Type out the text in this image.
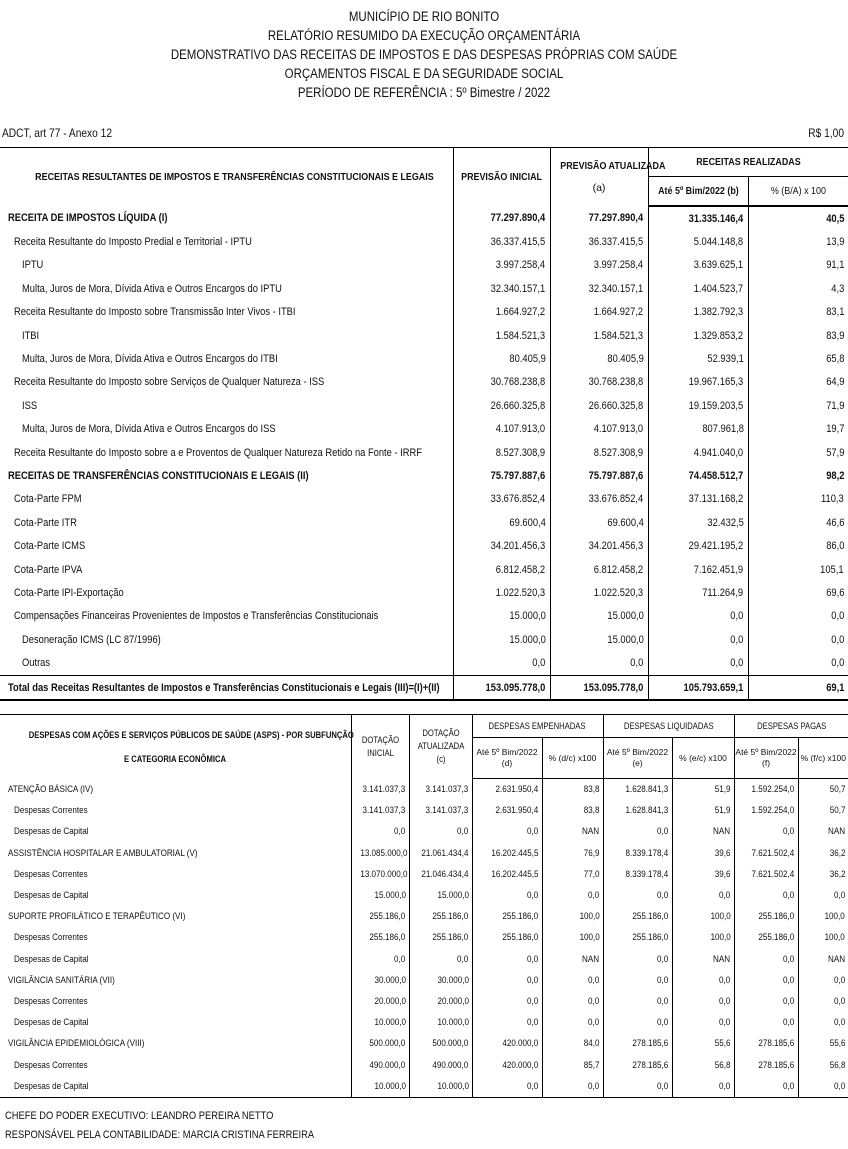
MUNICÍPIO DE RIO BONITO
RELATÓRIO RESUMIDO DA EXECUÇÃO ORÇAMENTÁRIA
DEMONSTRATIVO DAS RECEITAS DE IMPOSTOS E DAS DESPESAS PRÓPRIAS COM SAÚDE
ORÇAMENTOS FISCAL E DA SEGURIDADE SOCIAL
PERÍODO DE REFERÊNCIA : 5º Bimestre / 2022
ADCT, art 77 - Anexo 12	R$ 1,00
RECEITAS RESULTANTES DE IMPOSTOS E TRANSFERÊNCIAS CONSTITUCIONAIS E LEGAIS	PREVISÃO INICIAL	PREVISÃO ATUALIZADA
(a)	RECEITAS REALIZADAS	
			Até 5º Bim/2022 (b)	% (B/A) x 100
RECEITA DE IMPOSTOS LÍQUIDA (I)	77.297.890,4	77.297.890,4	31.335.146,4	40,5
Receita Resultante do Imposto Predial e Territorial - IPTU	36.337.415,5	36.337.415,5	5.044.148,8	13,9
IPTU	3.997.258,4	3.997.258,4	3.639.625,1	91,1
Multa, Juros de Mora, Dívida Ativa e Outros Encargos do IPTU	32.340.157,1	32.340.157,1	1.404.523,7	4,3
Receita Resultante do Imposto sobre Transmissão Inter Vivos - ITBI	1.664.927,2	1.664.927,2	1.382.792,3	83,1
ITBI	1.584.521,3	1.584.521,3	1.329.853,2	83,9
Multa, Juros de Mora, Dívida Ativa e Outros Encargos do ITBI	80.405,9	80.405,9	52.939,1	65,8
Receita Resultante do Imposto sobre Serviços de Qualquer Natureza - ISS	30.768.238,8	30.768.238,8	19.967.165,3	64,9
ISS	26.660.325,8	26.660.325,8	19.159.203,5	71,9
Multa, Juros de Mora, Dívida Ativa e Outros Encargos do ISS	4.107.913,0	4.107.913,0	807.961,8	19,7
Receita Resultante do Imposto sobre a e Proventos de Qualquer Natureza Retido na Fonte - IRRF	8.527.308,9	8.527.308,9	4.941.040,0	57,9
RECEITAS DE TRANSFERÊNCIAS CONSTITUCIONAIS E LEGAIS (II)	75.797.887,6	75.797.887,6	74.458.512,7	98,2
Cota-Parte FPM	33.676.852,4	33.676.852,4	37.131.168,2	110,3
Cota-Parte ITR	69.600,4	69.600,4	32.432,5	46,6
Cota-Parte ICMS	34.201.456,3	34.201.456,3	29.421.195,2	86,0
Cota-Parte IPVA	6.812.458,2	6.812.458,2	7.162.451,9	105,1
Cota-Parte IPI-Exportação	1.022.520,3	1.022.520,3	711.264,9	69,6
Compensações Financeiras Provenientes de Impostos e Transferências Constitucionais	15.000,0	15.000,0	0,0	0,0
Desoneração ICMS (LC 87/1996)	15.000,0	15.000,0	0,0	0,0
Outras	0,0	0,0	0,0	0,0
Total das Receitas Resultantes de Impostos e Transferências Constitucionais e Legais (III)=(I)+(II)	153.095.778,0	153.095.778,0	105.793.659,1	69,1
DESPESAS COM AÇÕES E SERVIÇOS PÚBLICOS DE SAÚDE (ASPS) - POR SUBFUNÇÃO
E CATEGORIA ECONÔMICA	DOTAÇÃO INICIAL	DOTAÇÃO ATUALIZADA (c)	DESPESAS EMPENHADAS		DESPESAS LIQUIDADAS		DESPESAS PAGAS	
			Até 5º Bim/2022 (d)	% (d/c) x100	Até 5º Bim/2022 (e)	% (e/c) x100	Até 5º Bim/2022 (f)	% (f/c) x100
ATENÇÃO BÁSICA (IV)	3.141.037,3	3.141.037,3	2.631.950,4	83,8	1.628.841,3	51,9	1.592.254,0	50,7
Despesas Correntes	3.141.037,3	3.141.037,3	2.631.950,4	83,8	1.628.841,3	51,9	1.592.254,0	50,7
Despesas de Capital	0,0	0,0	0,0	NAN	0,0	NAN	0,0	NAN
ASSISTÊNCIA HOSPITALAR E AMBULATORIAL (V)	13.085.000,0	21.061.434,4	16.202.445,5	76,9	8.339.178,4	39,6	7.621.502,4	36,2
Despesas Correntes	13.070.000,0	21.046.434,4	16.202.445,5	77,0	8.339.178,4	39,6	7.621.502,4	36,2
Despesas de Capital	15.000,0	15.000,0	0,0	0,0	0,0	0,0	0,0	0,0
SUPORTE PROFILÁTICO E TERAPÊUTICO (VI)	255.186,0	255.186,0	255.186,0	100,0	255.186,0	100,0	255.186,0	100,0
Despesas Correntes	255.186,0	255.186,0	255.186,0	100,0	255.186,0	100,0	255.186,0	100,0
Despesas de Capital	0,0	0,0	0,0	NAN	0,0	NAN	0,0	NAN
VIGILÂNCIA SANITÁRIA (VII)	30.000,0	30.000,0	0,0	0,0	0,0	0,0	0,0	0,0
Despesas Correntes	20.000,0	20.000,0	0,0	0,0	0,0	0,0	0,0	0,0
Despesas de Capital	10.000,0	10.000,0	0,0	0,0	0,0	0,0	0,0	0,0
VIGILÂNCIA EPIDEMIOLÓGICA (VIII)	500.000,0	500.000,0	420.000,0	84,0	278.185,6	55,6	278.185,6	55,6
Despesas Correntes	490.000,0	490.000,0	420.000,0	85,7	278.185,6	56,8	278.185,6	56,8
Despesas de Capital	10.000,0	10.000,0	0,0	0,0	0,0	0,0	0,0	0,0
CHEFE DO PODER EXECUTIVO: LEANDRO PEREIRA NETTO
RESPONSÁVEL PELA CONTABILIDADE: MARCIA CRISTINA FERREIRA
